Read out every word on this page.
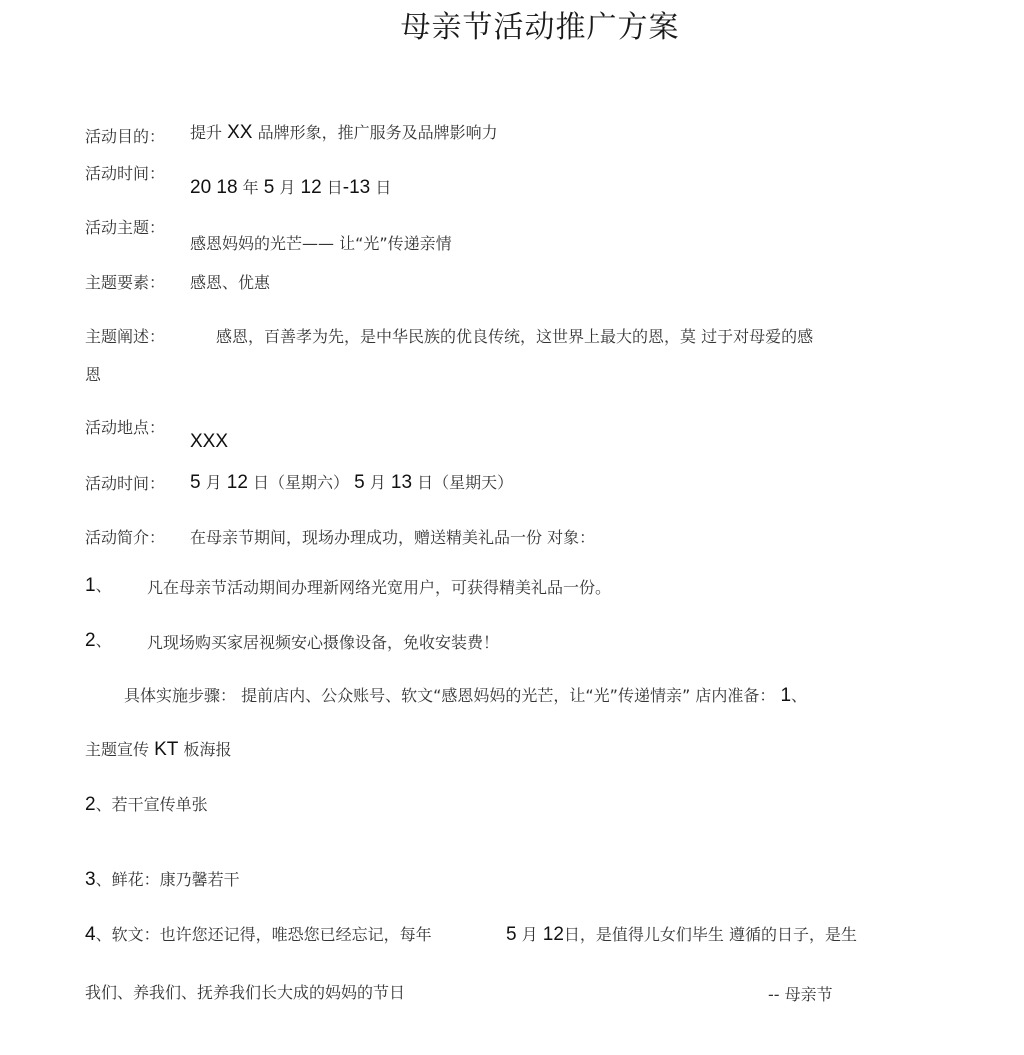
母亲节活动推广方案
活动目的： 提升 XX 品牌形象，推广服务及品牌影响力
活动时间：
20 18 年 5 月 12 日-13 日
活动主题：
感恩妈妈的光芒—— 让“光”传递亲情
主题要素： 感恩、优惠
主题阐述：	感恩，百善孝为先，是中华民族的优良传统，这世界上最大的恩，莫 过于对母爱的感
恩
活动地点：
XXX
活动时间： 5 月 12 日（星期六） 5 月 13 日（星期天）
活动简介： 在母亲节期间，现场办理成功，赠送精美礼品一份 对象：
1、 凡在母亲节活动期间办理新网络光宽用户，可获得精美礼品一份。
2、 凡现场购买家居视频安心摄像设备，免收安装费！
具体实施步骤： 提前店内、公众账号、软文“感恩妈妈的光芒，让“光”传递情亲” 店内准备： 1、
主题宣传 KT 板海报
2、若干宣传单张
3、鲜花：康乃馨若干
4、软文：也许您还记得，唯恐您已经忘记，每年	5 月 12日，是值得儿女们毕生 遵循的日子，是生
我们、养我们、抚养我们长大成的妈妈的节日	-- 母亲节
